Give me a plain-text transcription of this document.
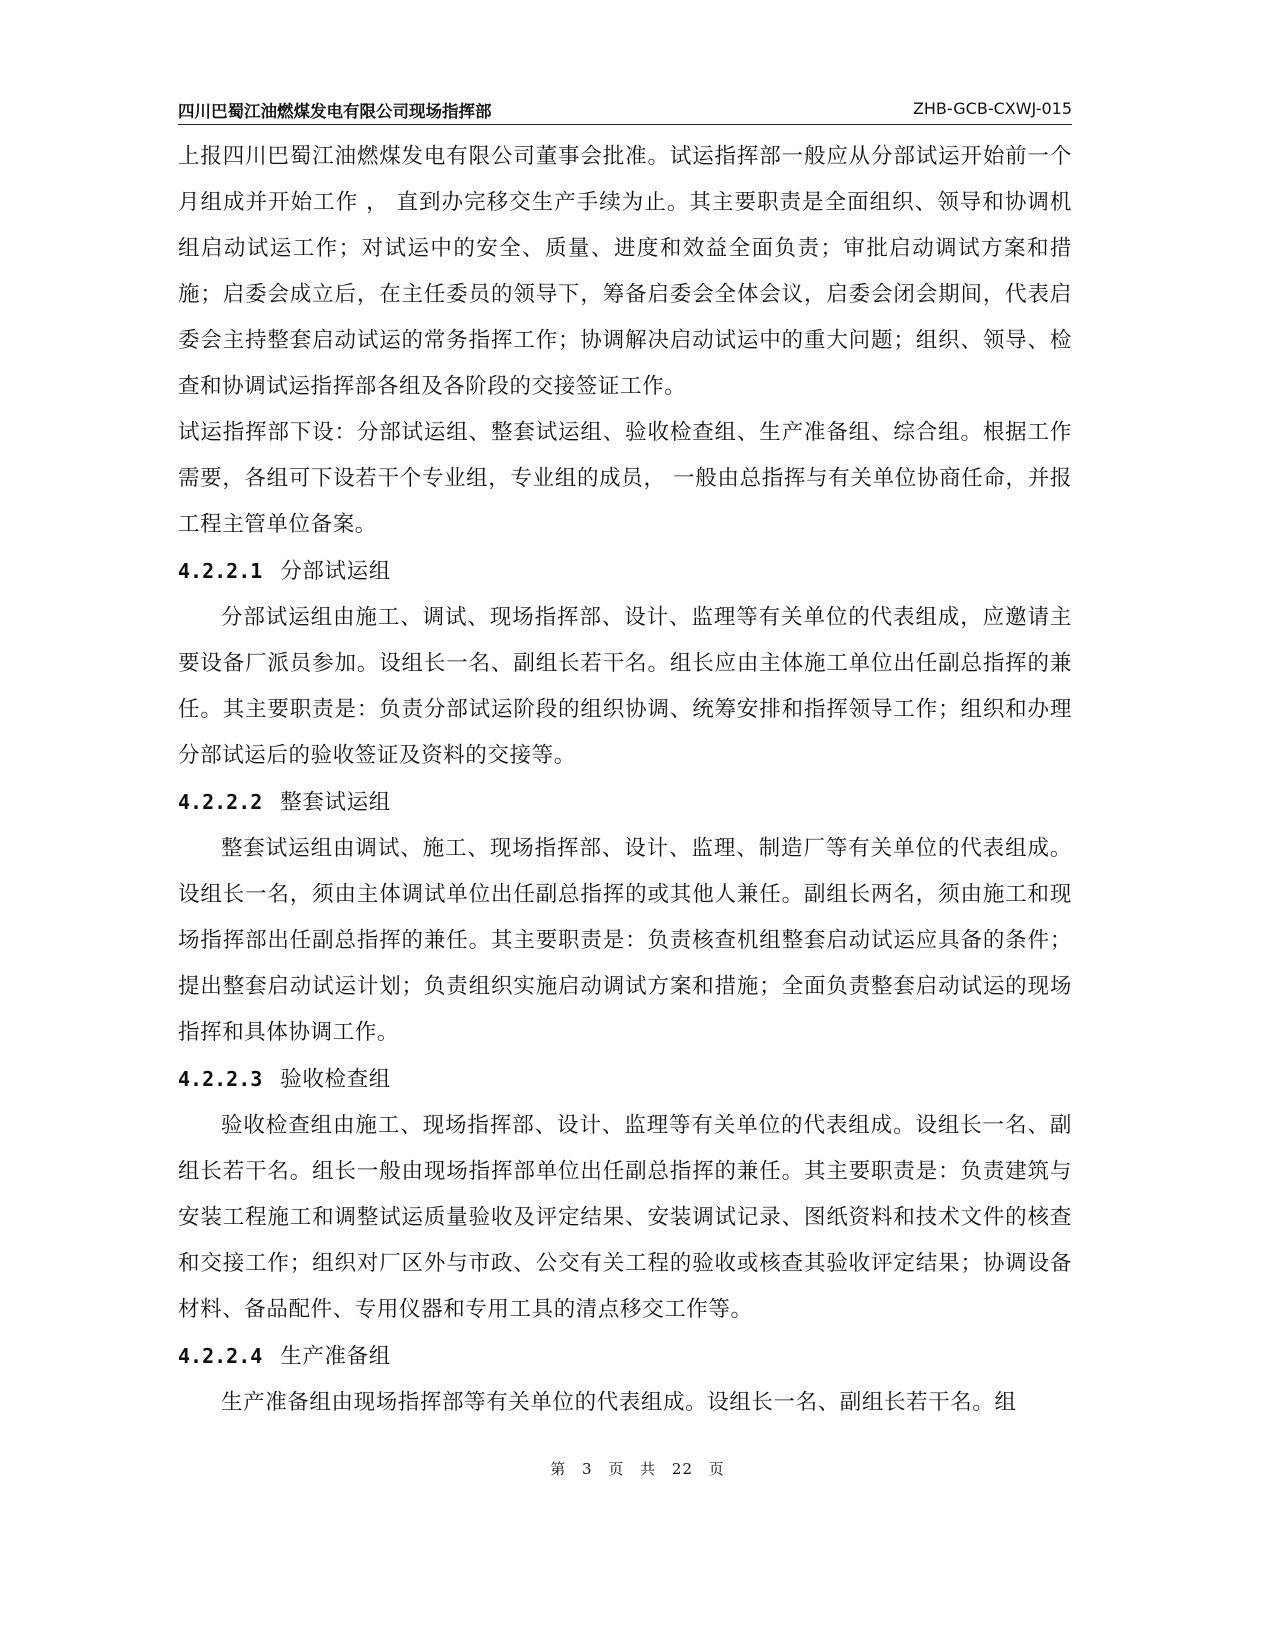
四川巴蜀江油燃煤发电有限公司现场指挥部	ZHB-GCB-CXWJ-015

上报四川巴蜀江油燃煤发电有限公司董事会批准。试运指挥部一般应从分部试运开始前一个月组成并开始工作 ， 直到办完移交生产手续为止。其主要职责是全面组织、领导和协调机组启动试运工作；对试运中的安全、质量、进度和效益全面负责；审批启动调试方案和措施；启委会成立后，在主任委员的领导下，筹备启委会全体会议，启委会闭会期间，代表启委会主持整套启动试运的常务指挥工作；协调解决启动试运中的重大问题；组织、领导、检查和协调试运指挥部各组及各阶段的交接签证工作。

试运指挥部下设：分部试运组、整套试运组、验收检查组、生产准备组、综合组。根据工作需要，各组可下设若干个专业组，专业组的成员， 一般由总指挥与有关单位协商任命，并报工程主管单位备案。

4.2.2.1 分部试运组

分部试运组由施工、调试、现场指挥部、设计、监理等有关单位的代表组成，应邀请主要设备厂派员参加。设组长一名、副组长若干名。组长应由主体施工单位出任副总指挥的兼任。其主要职责是：负责分部试运阶段的组织协调、统筹安排和指挥领导工作；组织和办理分部试运后的验收签证及资料的交接等。

4.2.2.2 整套试运组

整套试运组由调试、施工、现场指挥部、设计、监理、制造厂等有关单位的代表组成。设组长一名，须由主体调试单位出任副总指挥的或其他人兼任。副组长两名，须由施工和现场指挥部出任副总指挥的兼任。其主要职责是：负责核查机组整套启动试运应具备的条件；提出整套启动试运计划；负责组织实施启动调试方案和措施；全面负责整套启动试运的现场指挥和具体协调工作。

4.2.2.3 验收检查组

验收检查组由施工、现场指挥部、设计、监理等有关单位的代表组成。设组长一名、副组长若干名。组长一般由现场指挥部单位出任副总指挥的兼任。其主要职责是：负责建筑与安装工程施工和调整试运质量验收及评定结果、安装调试记录、图纸资料和技术文件的核查和交接工作；组织对厂区外与市政、公交有关工程的验收或核查其验收评定结果；协调设备材料、备品配件、专用仪器和专用工具的清点移交工作等。

4.2.2.4 生产准备组

生产准备组由现场指挥部等有关单位的代表组成。设组长一名、副组长若干名。组

第 3 页 共 22 页
